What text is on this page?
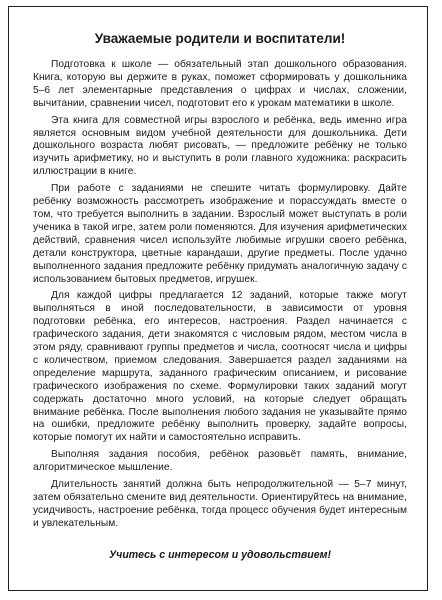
Уважаемые родители и воспитатели!

Подготовка к школе — обязательный этап дошкольного образования. Книга, которую вы держите в руках, поможет сформировать у дошкольника 5–6 лет элементарные представления о цифрах и числах, сложении, вычитании, сравнении чисел, подготовит его к урокам математики в школе.

Эта книга для совместной игры взрослого и ребёнка, ведь именно игра является основным видом учебной деятельности для дошкольника. Дети дошкольного возраста любят рисовать, — предложите ребёнку не только изучить арифметику, но и выступить в роли главного художника: раскрасить иллюстрации в книге.

При работе с заданиями не спешите читать формулировку. Дайте ребёнку возможность рассмотреть изображение и порассуждать вместе о том, что требуется выполнить в задании. Взрослый может выступать в роли ученика в такой игре, затем роли поменяются. Для изучения арифметических действий, сравнения чисел используйте любимые игрушки своего ребёнка, детали конструктора, цветные карандаши, другие предметы. После удачно выполненного задания предложите ребёнку придумать аналогичную задачу с использованием бытовых предметов, игрушек.

Для каждой цифры предлагается 12 заданий, которые также могут выполняться в иной последовательности, в зависимости от уровня подготовки ребёнка, его интересов, настроения. Раздел начинается с графического задания, дети знакомятся с числовым рядом, местом числа в этом ряду, сравнивают группы предметов и числа, соотносят числа и цифры с количеством, приемом следования. Завершается раздел заданиями на определение маршрута, заданного графическим описанием, и рисование графического изображения по схеме. Формулировки таких заданий могут содержать достаточно много условий, на которые следует обращать внимание ребёнка. После выполнения любого задания не указывайте прямо на ошибки, предложите ребёнку выполнить проверку, задайте вопросы, которые помогут их найти и самостоятельно исправить.

Выполняя задания пособия, ребёнок разовьёт память, внимание, алгоритмическое мышление.

Длительность занятий должна быть непродолжительной — 5–7 минут, затем обязательно смените вид деятельности. Ориентируйтесь на внимание, усидчивость, настроение ребёнка, тогда процесс обучения будет интересным и увлекательным.

Учитесь с интересом и удовольствием!
